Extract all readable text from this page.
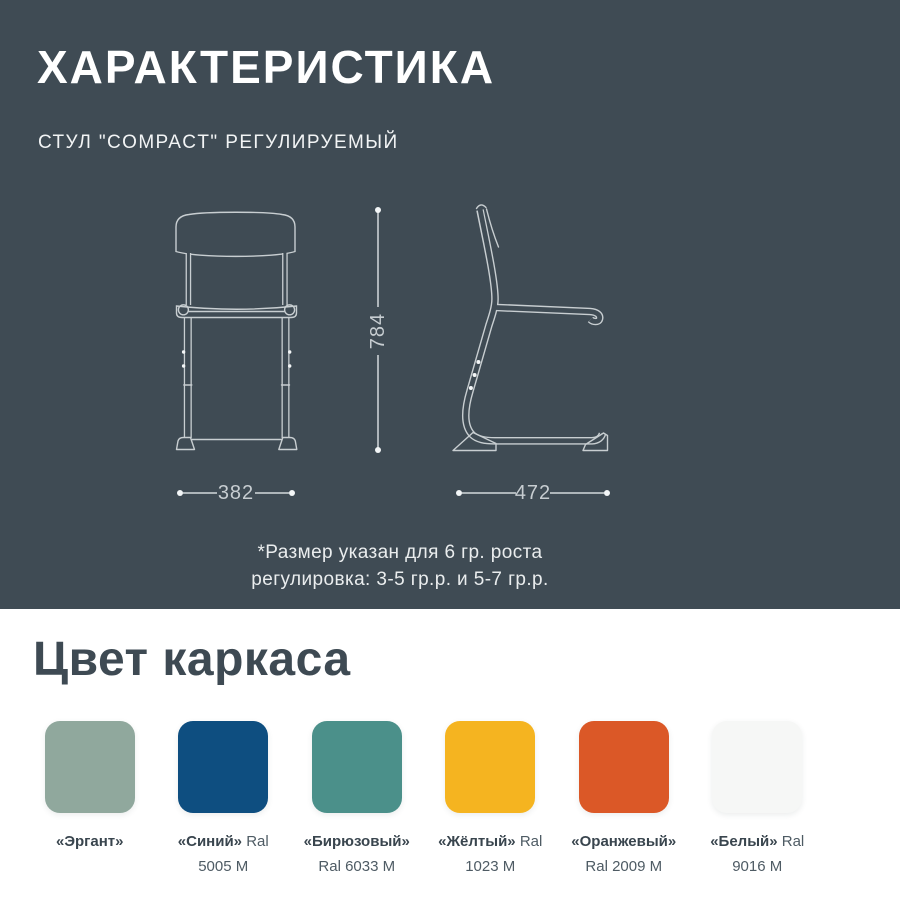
ХАРАКТЕРИСТИКА
СТУЛ "COMPACT" РЕГУЛИРУЕМЫЙ
784
382	472
*Размер указан для 6 гр. роста
регулировка: 3-5 гр.р. и 5-7 гр.р.
Цвет каркаса
«Эргант»	«Синий» Ral
5005 M
«Бирюзовый»
Ral 6033 M
«Жёлтый» Ral
1023 M
«Оранжевый»
Ral 2009 M
«Белый» Ral
9016 M
